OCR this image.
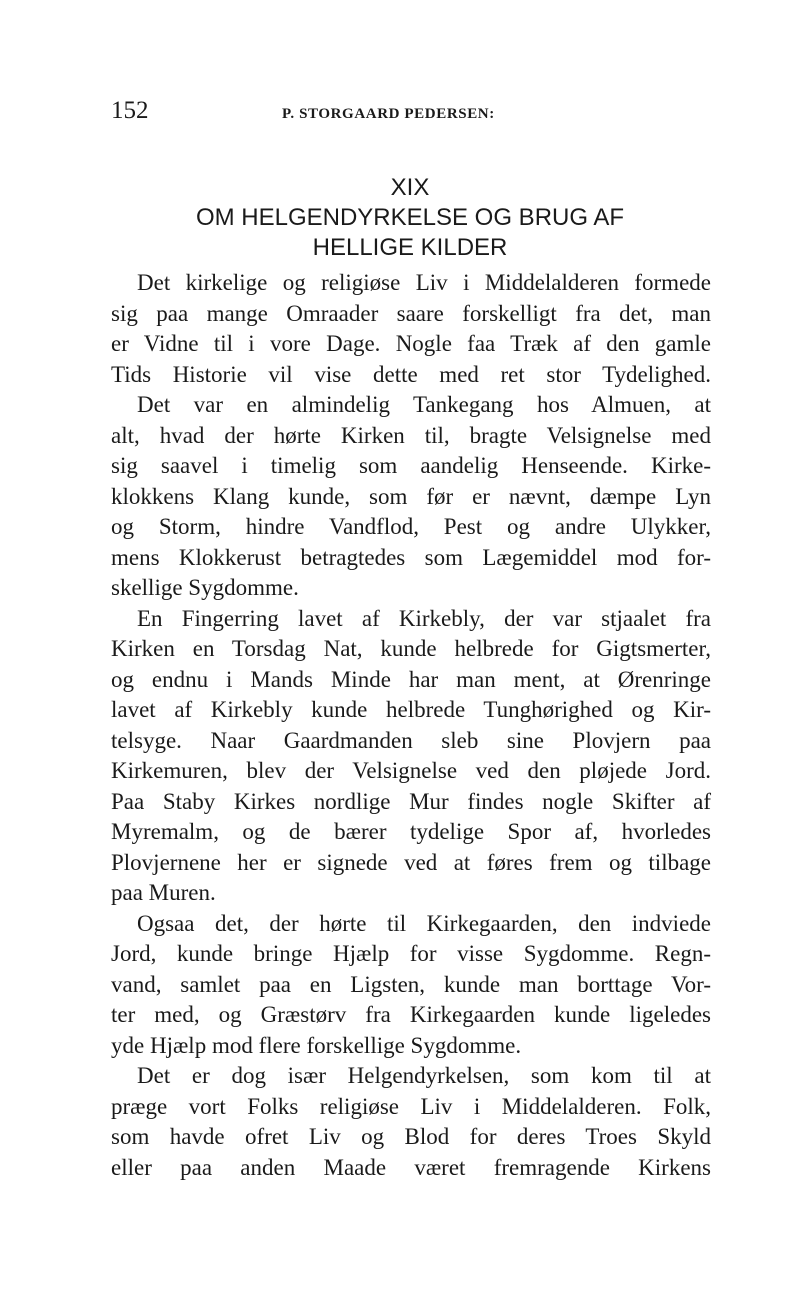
152	P. STORGAARD PEDERSEN:
XIX
OM HELGENDYRKELSE OG BRUG AF
HELLIGE KILDER
Det kirkelige og religiøse Liv i Middelalderen formede
sig paa mange Omraader saare forskelligt fra det, man
er Vidne til i vore Dage. Nogle faa Træk af den gamle
Tids Historie vil vise dette med ret stor Tydelighed.
Det var en almindelig Tankegang hos Almuen, at
alt, hvad der hørte Kirken til, bragte Velsignelse med
sig saavel i timelig som aandelig Henseende. Kirke-
klokkens Klang kunde, som før er nævnt, dæmpe Lyn
og Storm, hindre Vandflod, Pest og andre Ulykker,
mens Klokkerust betragtedes som Lægemiddel mod for-
skellige Sygdomme.
En Fingerring lavet af Kirkebly, der var stjaalet fra
Kirken en Torsdag Nat, kunde helbrede for Gigtsmerter,
og endnu i Mands Minde har man ment, at Ørenringe
lavet af Kirkebly kunde helbrede Tunghørighed og Kir-
telsyge. Naar Gaardmanden sleb sine Plovjern paa
Kirkemuren, blev der Velsignelse ved den pløjede Jord.
Paa Staby Kirkes nordlige Mur findes nogle Skifter af
Myremalm, og de bærer tydelige Spor af, hvorledes
Plovjernene her er signede ved at føres frem og tilbage
paa Muren.
Ogsaa det, der hørte til Kirkegaarden, den indviede
Jord, kunde bringe Hjælp for visse Sygdomme. Regn-
vand, samlet paa en Ligsten, kunde man borttage Vor-
ter med, og Græstørv fra Kirkegaarden kunde ligeledes
yde Hjælp mod flere forskellige Sygdomme.
Det er dog især Helgendyrkelsen, som kom til at
præge vort Folks religiøse Liv i Middelalderen. Folk,
som havde ofret Liv og Blod for deres Troes Skyld
eller paa anden Maade været fremragende Kirkens
